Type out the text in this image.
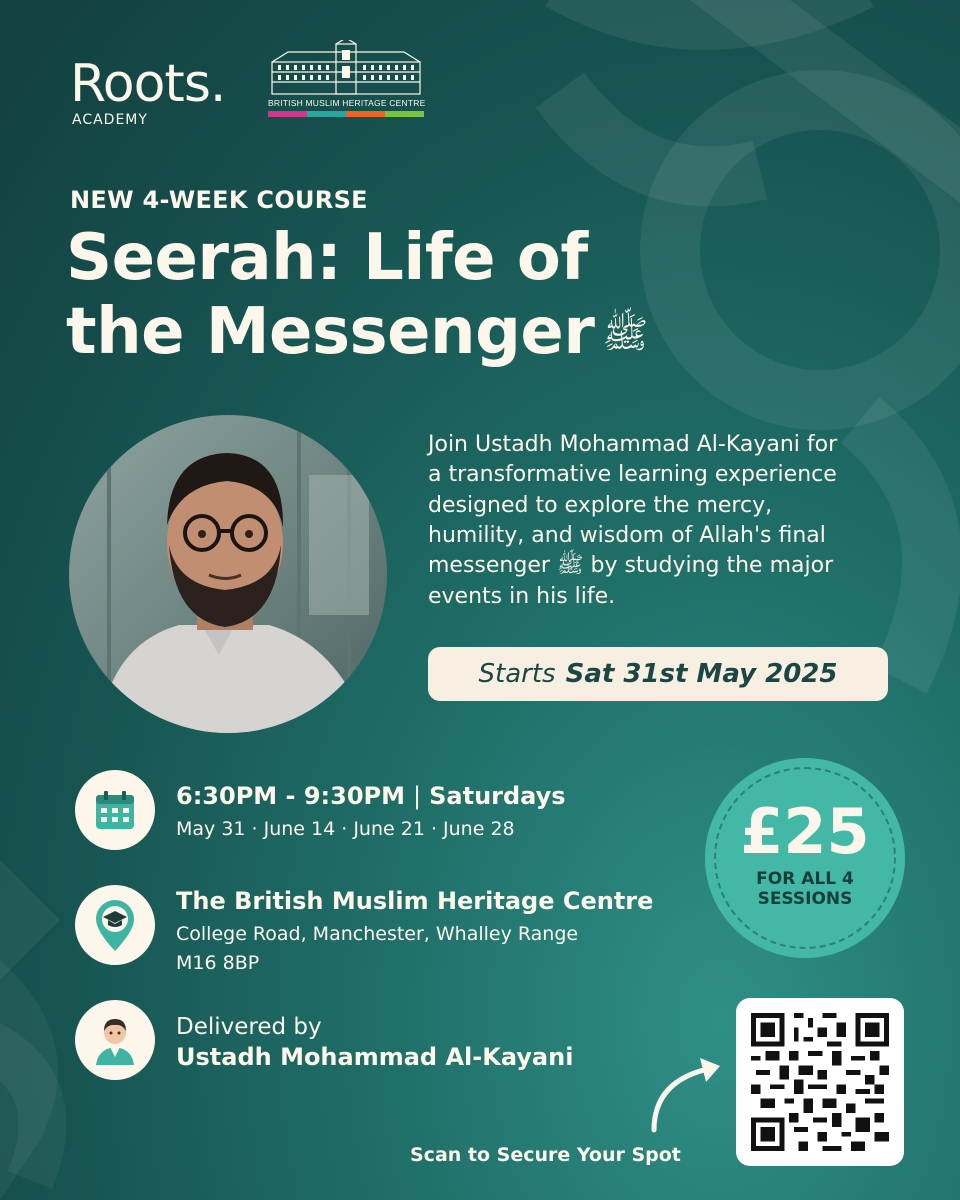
Roots.
ACADEMY
BRITISH MUSLIM HERITAGE CENTRE
NEW 4-WEEK COURSE
Seerah: Life of
the Messenger ﷺ
Join Ustadh Mohammad Al-Kayani for
a transformative learning experience
designed to explore the mercy,
humility, and wisdom of Allah's final
messenger ﷺ by studying the major
events in his life.
Starts Sat 31st May 2025
6:30PM - 9:30PM | Saturdays
May 31 · June 14 · June 21 · June 28
The British Muslim Heritage Centre
College Road, Manchester, Whalley Range
M16 8BP
Delivered by
Ustadh Mohammad Al-Kayani
£25
FOR ALL 4
SESSIONS
Scan to Secure Your Spot
